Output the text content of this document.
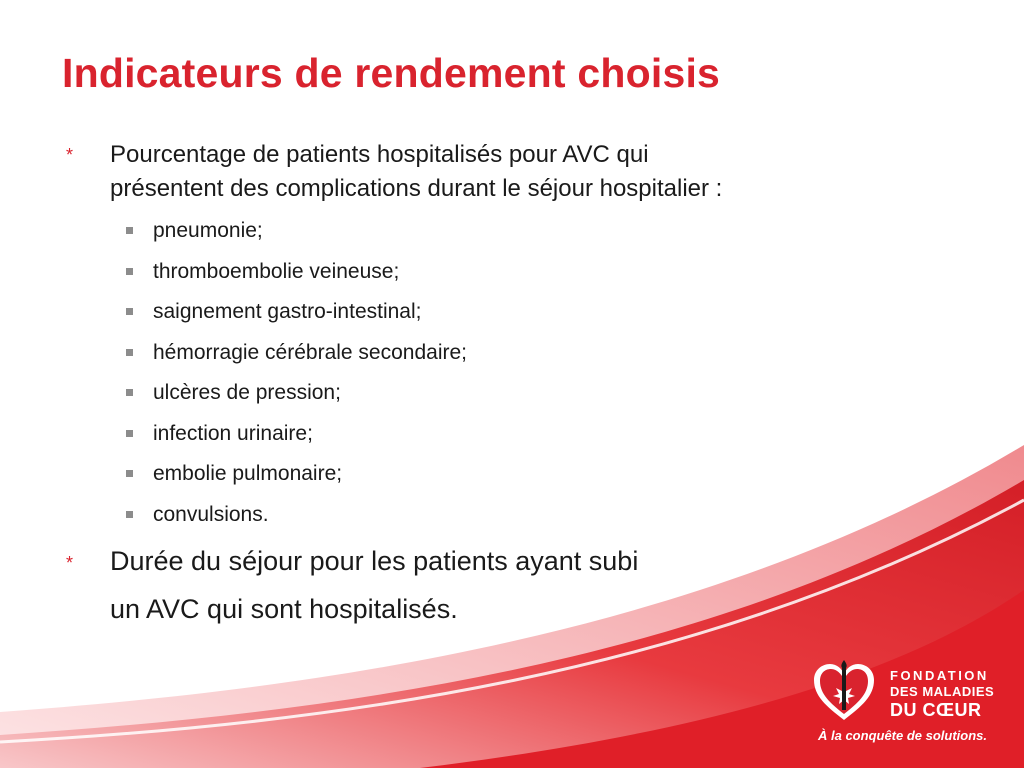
Indicateurs de rendement choisis
* Pourcentage de patients hospitalisés pour AVC qui
présentent des complications durant le séjour hospitalier :
pneumonie;
thromboembolie veineuse;
saignement gastro-intestinal;
hémorragie cérébrale secondaire;
ulcères de pression;
infection urinaire;
embolie pulmonaire;
convulsions.
* Durée du séjour pour les patients ayant subi
un AVC qui sont hospitalisés.
FONDATION
DES MALADIES
DU CŒUR
À la conquête de solutions.
